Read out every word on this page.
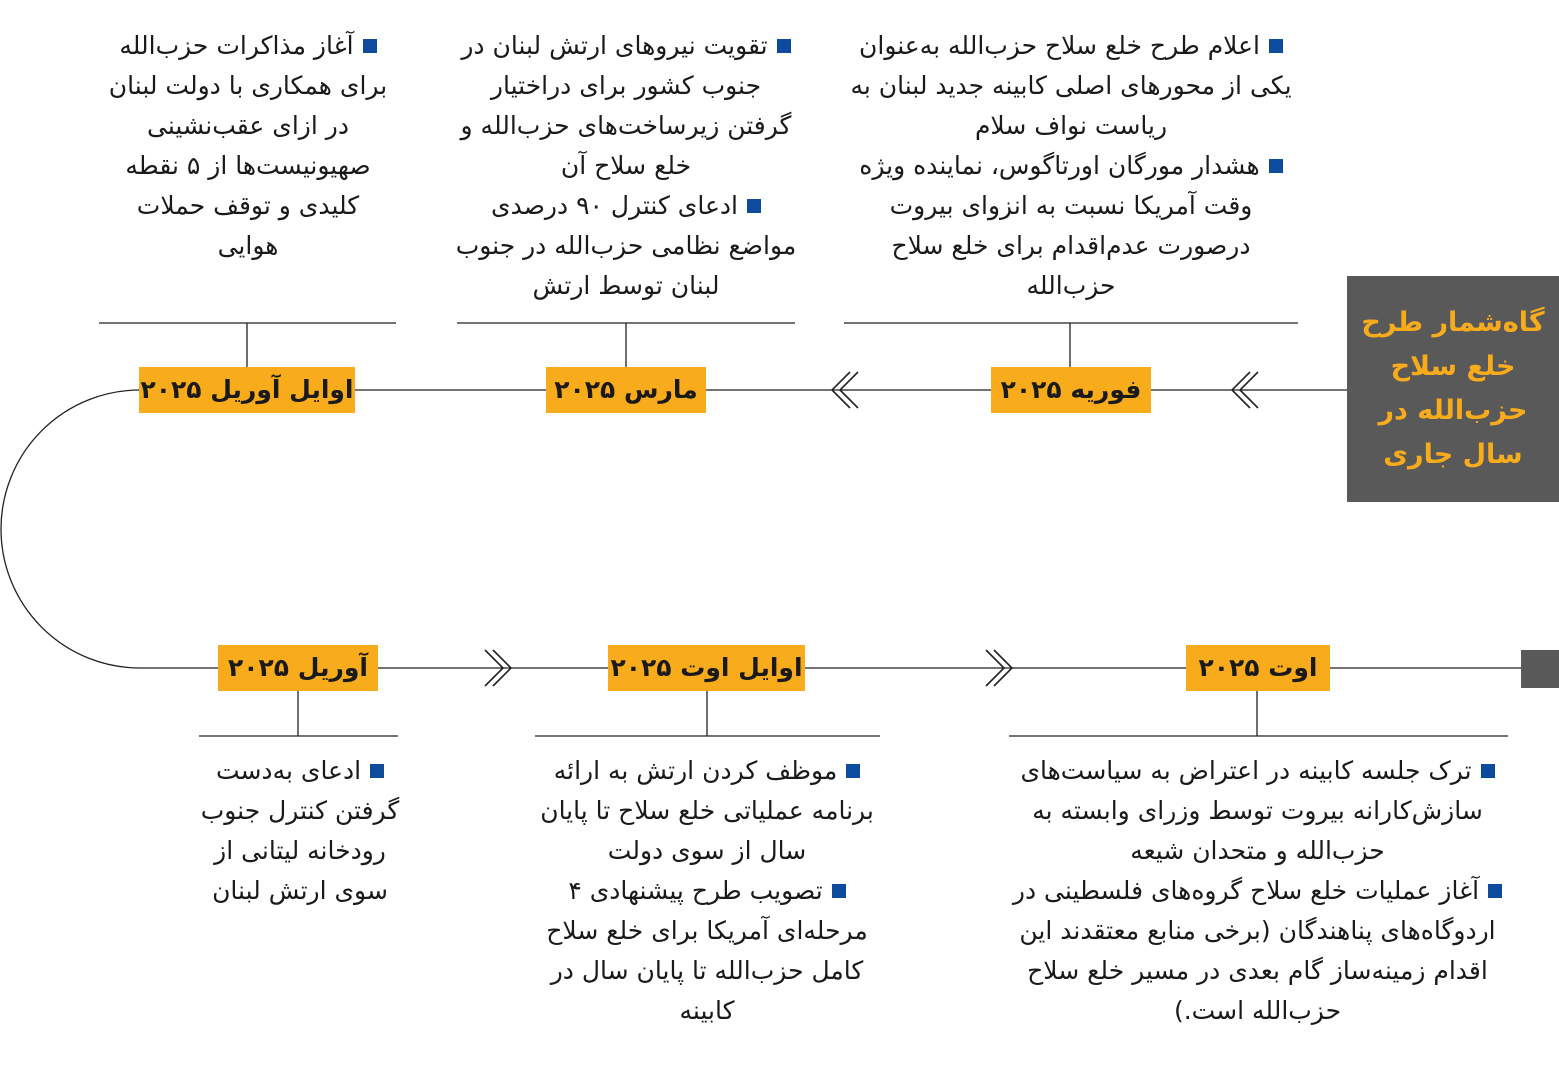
گاه‌شمار طرح
خلع سلاح
حزب‌الله در
سال جاری
فوریه ۲۰۲۵
مارس ۲۰۲۵
اوایل آوریل ۲۰۲۵
آوریل ۲۰۲۵	اوایل اوت ۲۰۲۵	اوت ۲۰۲۵
اعلام طرح خلع سلاح حزب‌الله به‌عنوان یکی از محورهای اصلی کابینه جدید لبنان به ریاست نواف سلام
هشدار مورگان اورتاگوس، نماینده ویژه وقت آمریکا نسبت به انزوای بیروت درصورت عدم‌اقدام برای خلع سلاح حزب‌الله
تقویت نیروهای ارتش لبنان در جنوب کشور برای دراختیار گرفتن زیرساخت‌های حزب‌الله و خلع سلاح آن
ادعای کنترل ۹۰ درصدی مواضع نظامی حزب‌الله در جنوب لبنان توسط ارتش
آغاز مذاکرات حزب‌الله برای همکاری با دولت لبنان در ازای عقب‌نشینی صهیونیست‌ها از ۵ نقطه کلیدی و توقف حملات هوایی
ادعای به‌دست گرفتن کنترل جنوب رودخانه لیتانی از سوی ارتش لبنان
موظف کردن ارتش به ارائه برنامه عملیاتی خلع سلاح تا پایان سال از سوی دولت
تصویب طرح پیشنهادی ۴ مرحله‌ای آمریکا برای خلع سلاح کامل حزب‌الله تا پایان سال در کابینه
ترک جلسه کابینه در اعتراض به سیاست‌های سازش‌کارانه بیروت توسط وزرای وابسته به حزب‌الله و متحدان شیعه
آغاز عملیات خلع سلاح گروه‌های فلسطینی در اردوگاه‌های پناهندگان (برخی منابع معتقدند این اقدام زمینه‌ساز گام بعدی در مسیر خلع سلاح حزب‌الله است.)
